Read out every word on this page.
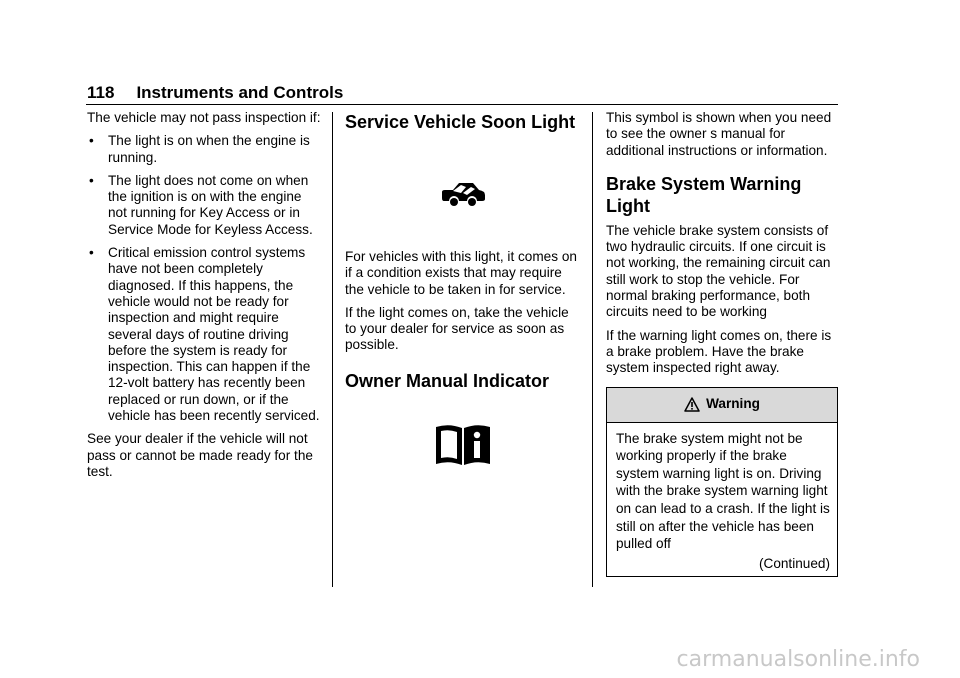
118 Instruments and Controls

The vehicle may not pass inspection if:

• The light is on when the engine is running.
• The light does not come on when the ignition is on with the engine not running for Key Access or in Service Mode for Keyless Access.
• Critical emission control systems have not been completely diagnosed. If this happens, the vehicle would not be ready for inspection and might require several days of routine driving before the system is ready for inspection. This can happen if the 12-volt battery has recently been replaced or run down, or if the vehicle has been recently serviced.

See your dealer if the vehicle will not pass or cannot be made ready for the test.

Service Vehicle Soon Light

For vehicles with this light, it comes on if a condition exists that may require the vehicle to be taken in for service.

If the light comes on, take the vehicle to your dealer for service as soon as possible.

Owner Manual Indicator

This symbol is shown when you need to see the owner s manual for additional instructions or information.

Brake System Warning Light

The vehicle brake system consists of two hydraulic circuits. If one circuit is not working, the remaining circuit can still work to stop the vehicle. For normal braking performance, both circuits need to be working

If the warning light comes on, there is a brake problem. Have the brake system inspected right away.

Warning
The brake system might not be working properly if the brake system warning light is on. Driving with the brake system warning light on can lead to a crash. If the light is still on after the vehicle has been pulled off
(Continued)
carmanualsonline.info
